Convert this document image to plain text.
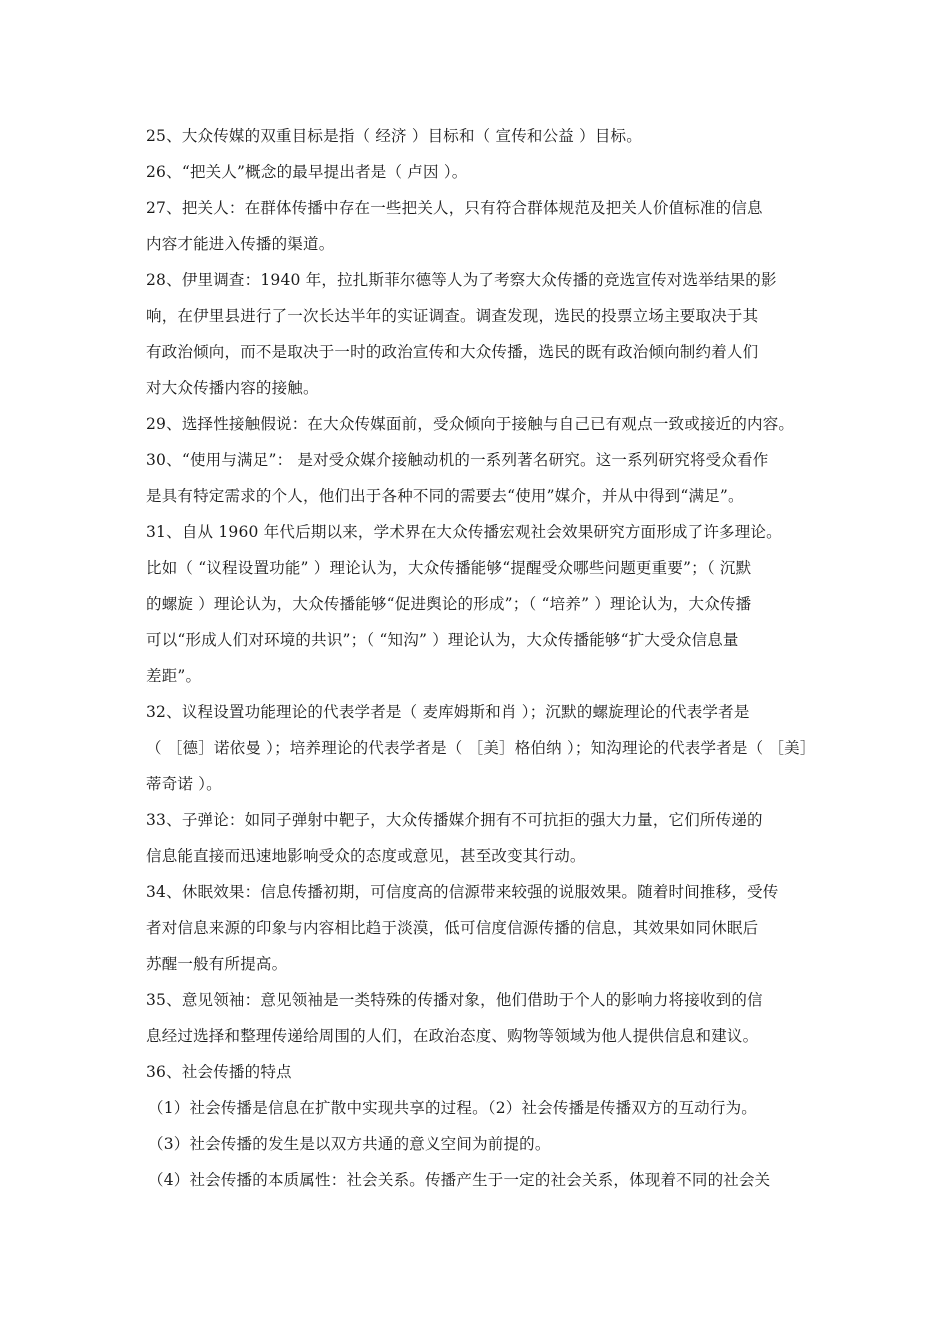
25、大众传媒的双重目标是指（ 经济 ）目标和（ 宣传和公益 ）目标。
26、“把关人”概念的最早提出者是（ 卢因 ）。
27、把关人：在群体传播中存在一些把关人，只有符合群体规范及把关人价值标准的信息
内容才能进入传播的渠道。
28、伊里调查：1940 年，拉扎斯菲尔德等人为了考察大众传播的竞选宣传对选举结果的影
响，在伊里县进行了一次长达半年的实证调查。调查发现，选民的投票立场主要取决于其
有政治倾向，而不是取决于一时的政治宣传和大众传播，选民的既有政治倾向制约着人们
对大众传播内容的接触。
29、选择性接触假说：在大众传媒面前，受众倾向于接触与自己已有观点一致或接近的内容。
30、“使用与满足”： 是对受众媒介接触动机的一系列著名研究。这一系列研究将受众看作
是具有特定需求的个人，他们出于各种不同的需要去“使用”媒介，并从中得到“满足”。
31、自从 1960 年代后期以来，学术界在大众传播宏观社会效果研究方面形成了许多理论。
比如（ “议程设置功能” ）理论认为，大众传播能够“提醒受众哪些问题更重要”；（ 沉默
的螺旋 ）理论认为，大众传播能够“促进舆论的形成”；（ “培养” ）理论认为，大众传播
可以“形成人们对环境的共识”；（ “知沟” ）理论认为，大众传播能够“扩大受众信息量
差距”。
32、议程设置功能理论的代表学者是（ 麦库姆斯和肖 ）；沉默的螺旋理论的代表学者是
（ ［德］诺依曼 ）；培养理论的代表学者是（ ［美］格伯纳 ）；知沟理论的代表学者是（ ［美］
蒂奇诺 ）。
33、子弹论：如同子弹射中靶子，大众传播媒介拥有不可抗拒的强大力量，它们所传递的
信息能直接而迅速地影响受众的态度或意见，甚至改变其行动。
34、休眠效果：信息传播初期，可信度高的信源带来较强的说服效果。随着时间推移，受传
者对信息来源的印象与内容相比趋于淡漠，低可信度信源传播的信息，其效果如同休眠后
苏醒一般有所提高。
35、意见领袖：意见领袖是一类特殊的传播对象，他们借助于个人的影响力将接收到的信
息经过选择和整理传递给周围的人们，在政治态度、购物等领域为他人提供信息和建议。
36、社会传播的特点
（1）社会传播是信息在扩散中实现共享的过程。（2）社会传播是传播双方的互动行为。
（3）社会传播的发生是以双方共通的意义空间为前提的。
（4）社会传播的本质属性：社会关系。传播产生于一定的社会关系，体现着不同的社会关
